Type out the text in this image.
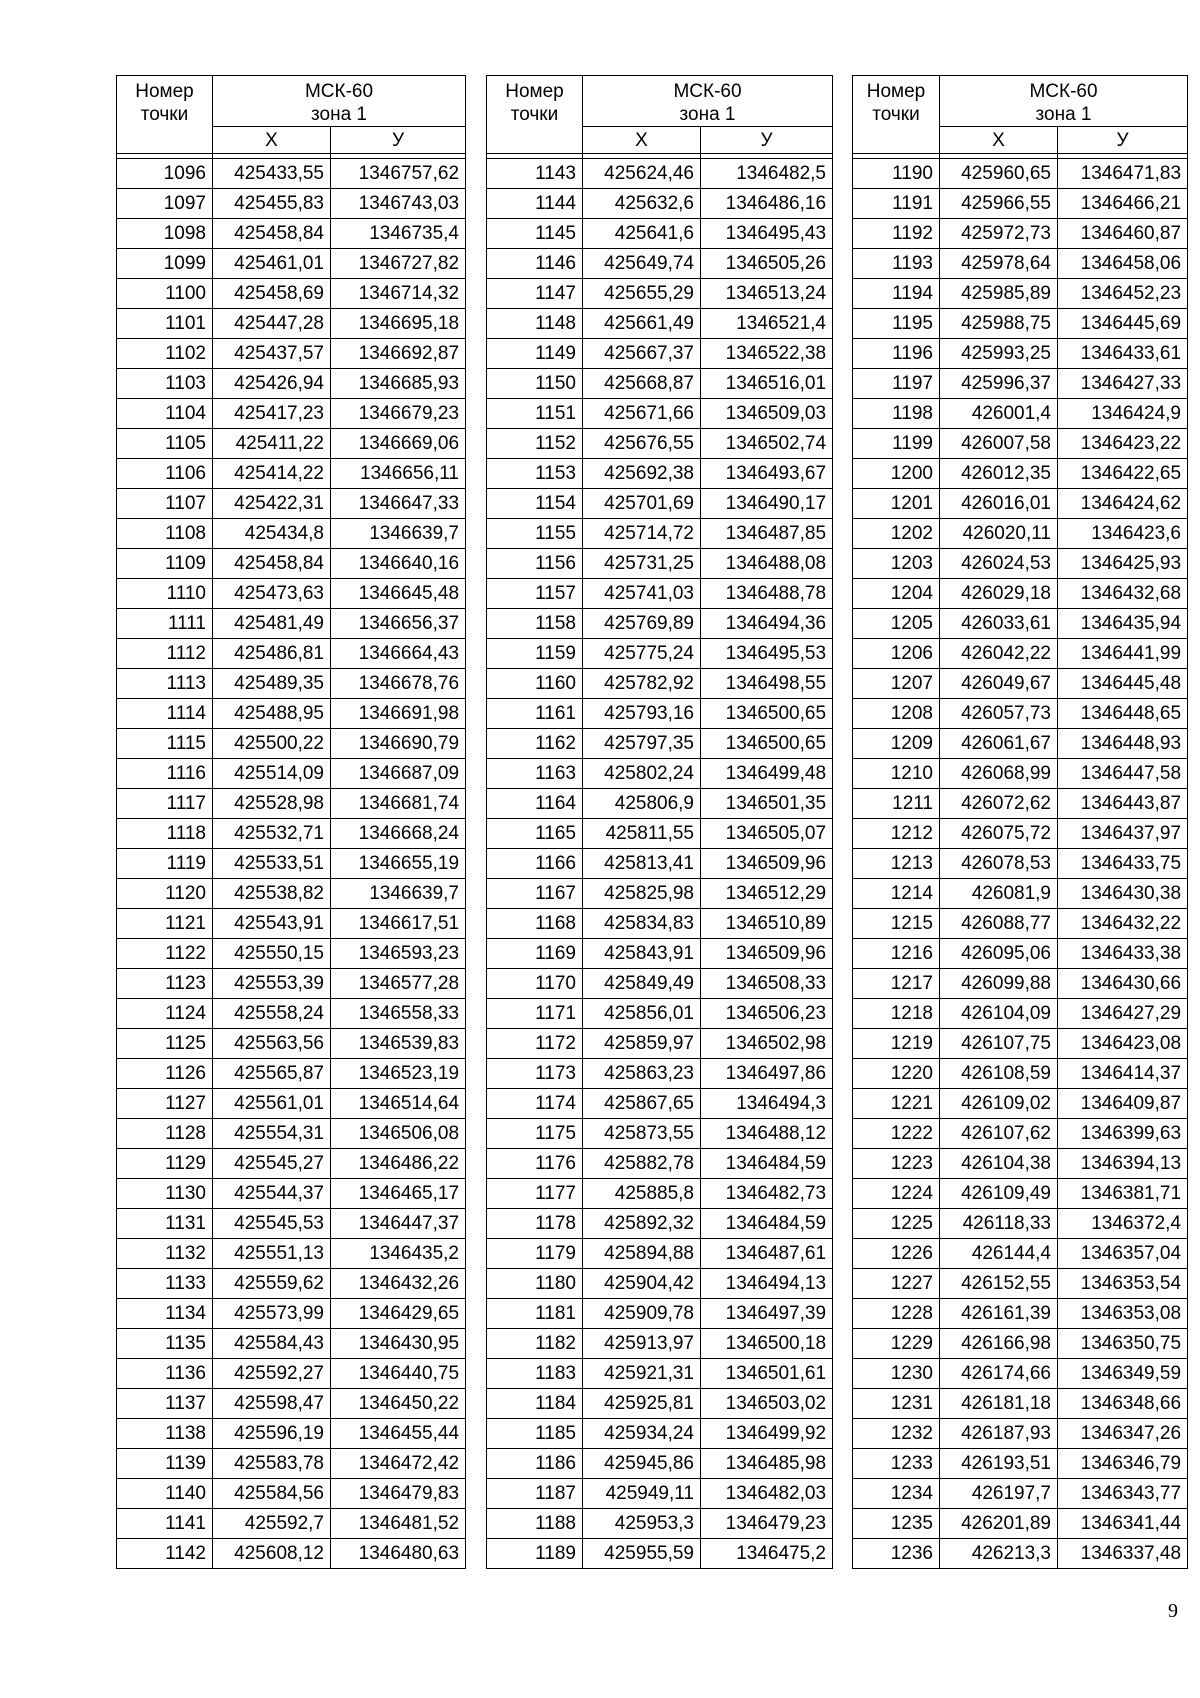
Номер
точки	МСК-60
зона 1	
	Х	У

1096	425433,55	1346757,62
1097	425455,83	1346743,03
1098	425458,84	1346735,4
1099	425461,01	1346727,82
1100	425458,69	1346714,32
1101	425447,28	1346695,18
1102	425437,57	1346692,87
1103	425426,94	1346685,93
1104	425417,23	1346679,23
1105	425411,22	1346669,06
1106	425414,22	1346656,11
1107	425422,31	1346647,33
1108	425434,8	1346639,7
1109	425458,84	1346640,16
1110	425473,63	1346645,48
1111	425481,49	1346656,37
1112	425486,81	1346664,43
1113	425489,35	1346678,76
1114	425488,95	1346691,98
1115	425500,22	1346690,79
1116	425514,09	1346687,09
1117	425528,98	1346681,74
1118	425532,71	1346668,24
1119	425533,51	1346655,19
1120	425538,82	1346639,7
1121	425543,91	1346617,51
1122	425550,15	1346593,23
1123	425553,39	1346577,28
1124	425558,24	1346558,33
1125	425563,56	1346539,83
1126	425565,87	1346523,19
1127	425561,01	1346514,64
1128	425554,31	1346506,08
1129	425545,27	1346486,22
1130	425544,37	1346465,17
1131	425545,53	1346447,37
1132	425551,13	1346435,2
1133	425559,62	1346432,26
1134	425573,99	1346429,65
1135	425584,43	1346430,95
1136	425592,27	1346440,75
1137	425598,47	1346450,22
1138	425596,19	1346455,44
1139	425583,78	1346472,42
1140	425584,56	1346479,83
1141	425592,7	1346481,52
1142	425608,12	1346480,63
Номер
точки	МСК-60
зона 1	
	Х	У

1143	425624,46	1346482,5
1144	425632,6	1346486,16
1145	425641,6	1346495,43
1146	425649,74	1346505,26
1147	425655,29	1346513,24
1148	425661,49	1346521,4
1149	425667,37	1346522,38
1150	425668,87	1346516,01
1151	425671,66	1346509,03
1152	425676,55	1346502,74
1153	425692,38	1346493,67
1154	425701,69	1346490,17
1155	425714,72	1346487,85
1156	425731,25	1346488,08
1157	425741,03	1346488,78
1158	425769,89	1346494,36
1159	425775,24	1346495,53
1160	425782,92	1346498,55
1161	425793,16	1346500,65
1162	425797,35	1346500,65
1163	425802,24	1346499,48
1164	425806,9	1346501,35
1165	425811,55	1346505,07
1166	425813,41	1346509,96
1167	425825,98	1346512,29
1168	425834,83	1346510,89
1169	425843,91	1346509,96
1170	425849,49	1346508,33
1171	425856,01	1346506,23
1172	425859,97	1346502,98
1173	425863,23	1346497,86
1174	425867,65	1346494,3
1175	425873,55	1346488,12
1176	425882,78	1346484,59
1177	425885,8	1346482,73
1178	425892,32	1346484,59
1179	425894,88	1346487,61
1180	425904,42	1346494,13
1181	425909,78	1346497,39
1182	425913,97	1346500,18
1183	425921,31	1346501,61
1184	425925,81	1346503,02
1185	425934,24	1346499,92
1186	425945,86	1346485,98
1187	425949,11	1346482,03
1188	425953,3	1346479,23
1189	425955,59	1346475,2
Номер
точки	МСК-60
зона 1	
	Х	У

1190	425960,65	1346471,83
1191	425966,55	1346466,21
1192	425972,73	1346460,87
1193	425978,64	1346458,06
1194	425985,89	1346452,23
1195	425988,75	1346445,69
1196	425993,25	1346433,61
1197	425996,37	1346427,33
1198	426001,4	1346424,9
1199	426007,58	1346423,22
1200	426012,35	1346422,65
1201	426016,01	1346424,62
1202	426020,11	1346423,6
1203	426024,53	1346425,93
1204	426029,18	1346432,68
1205	426033,61	1346435,94
1206	426042,22	1346441,99
1207	426049,67	1346445,48
1208	426057,73	1346448,65
1209	426061,67	1346448,93
1210	426068,99	1346447,58
1211	426072,62	1346443,87
1212	426075,72	1346437,97
1213	426078,53	1346433,75
1214	426081,9	1346430,38
1215	426088,77	1346432,22
1216	426095,06	1346433,38
1217	426099,88	1346430,66
1218	426104,09	1346427,29
1219	426107,75	1346423,08
1220	426108,59	1346414,37
1221	426109,02	1346409,87
1222	426107,62	1346399,63
1223	426104,38	1346394,13
1224	426109,49	1346381,71
1225	426118,33	1346372,4
1226	426144,4	1346357,04
1227	426152,55	1346353,54
1228	426161,39	1346353,08
1229	426166,98	1346350,75
1230	426174,66	1346349,59
1231	426181,18	1346348,66
1232	426187,93	1346347,26
1233	426193,51	1346346,79
1234	426197,7	1346343,77
1235	426201,89	1346341,44
1236	426213,3	1346337,48
9
